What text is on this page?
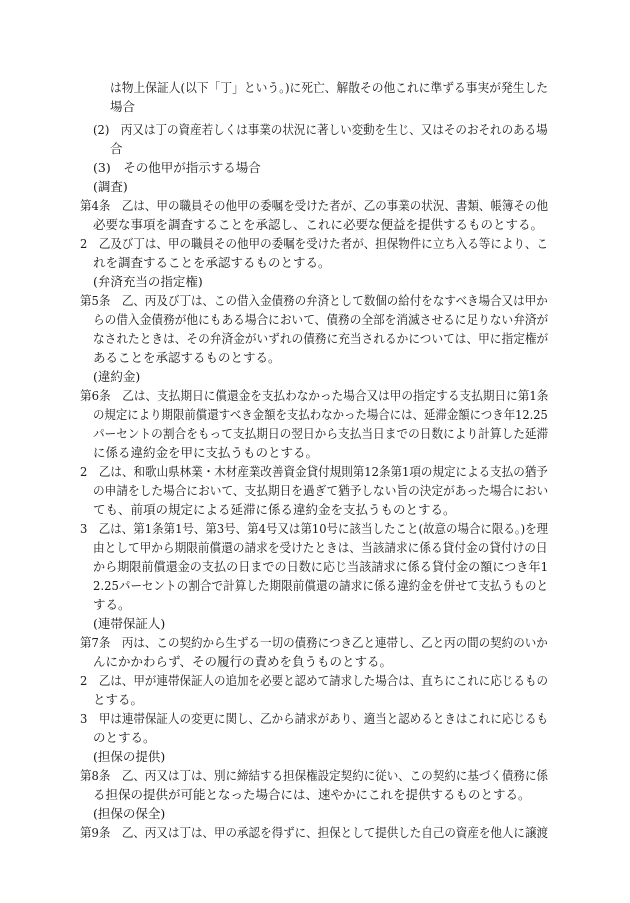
は物上保証人(以下「丁」という。)に死亡、解散その他これに準ずる事実が発生した
場合
(2)　丙又は丁の資産若しくは事業の状況に著しい変動を生じ、又はそのおそれのある場
合
(3)　その他甲が指示する場合
(調査)
第4条　乙は、甲の職員その他甲の委嘱を受けた者が、乙の事業の状況、書類、帳簿その他
必要な事項を調査することを承認し、これに必要な便益を提供するものとする。
2　乙及び丁は、甲の職員その他甲の委嘱を受けた者が、担保物件に立ち入る等により、こ
れを調査することを承認するものとする。
(弁済充当の指定権)
第5条　乙、丙及び丁は、この借入金債務の弁済として数個の給付をなすべき場合又は甲か
らの借入金債務が他にもある場合において、債務の全部を消滅させるに足りない弁済が
なされたときは、その弁済金がいずれの債務に充当されるかについては、甲に指定権が
あることを承認するものとする。
(違約金)
第6条　乙は、支払期日に償還金を支払わなかった場合又は甲の指定する支払期日に第1条
の規定により期限前償還すべき金額を支払わなかった場合には、延滞金額につき年12.25
パーセントの割合をもって支払期日の翌日から支払当日までの日数により計算した延滞
に係る違約金を甲に支払うものとする。
2　乙は、和歌山県林業・木材産業改善資金貸付規則第12条第1項の規定による支払の猶予
の申請をした場合において、支払期日を過ぎて猶予しない旨の決定があった場合におい
ても、前項の規定による延滞に係る違約金を支払うものとする。
3　乙は、第1条第1号、第3号、第4号又は第10号に該当したこと(故意の場合に限る。)を理
由として甲から期限前償還の請求を受けたときは、当該請求に係る貸付金の貸付けの日
から期限前償還金の支払の日までの日数に応じ当該請求に係る貸付金の額につき年1
2.25パーセントの割合で計算した期限前償還の請求に係る違約金を併せて支払うものと
する。
(連帯保証人)
第7条　丙は、この契約から生ずる一切の債務につき乙と連帯し、乙と丙の間の契約のいか
んにかかわらず、その履行の責めを負うものとする。
2　乙は、甲が連帯保証人の追加を必要と認めて請求した場合は、直ちにこれに応じるもの
とする。
3　甲は連帯保証人の変更に関し、乙から請求があり、適当と認めるときはこれに応じるも
のとする。
(担保の提供)
第8条　乙、丙又は丁は、別に締結する担保権設定契約に従い、この契約に基づく債務に係
る担保の提供が可能となった場合には、速やかにこれを提供するものとする。
(担保の保全)
第9条　乙、丙又は丁は、甲の承認を得ずに、担保として提供した自己の資産を他人に譲渡
